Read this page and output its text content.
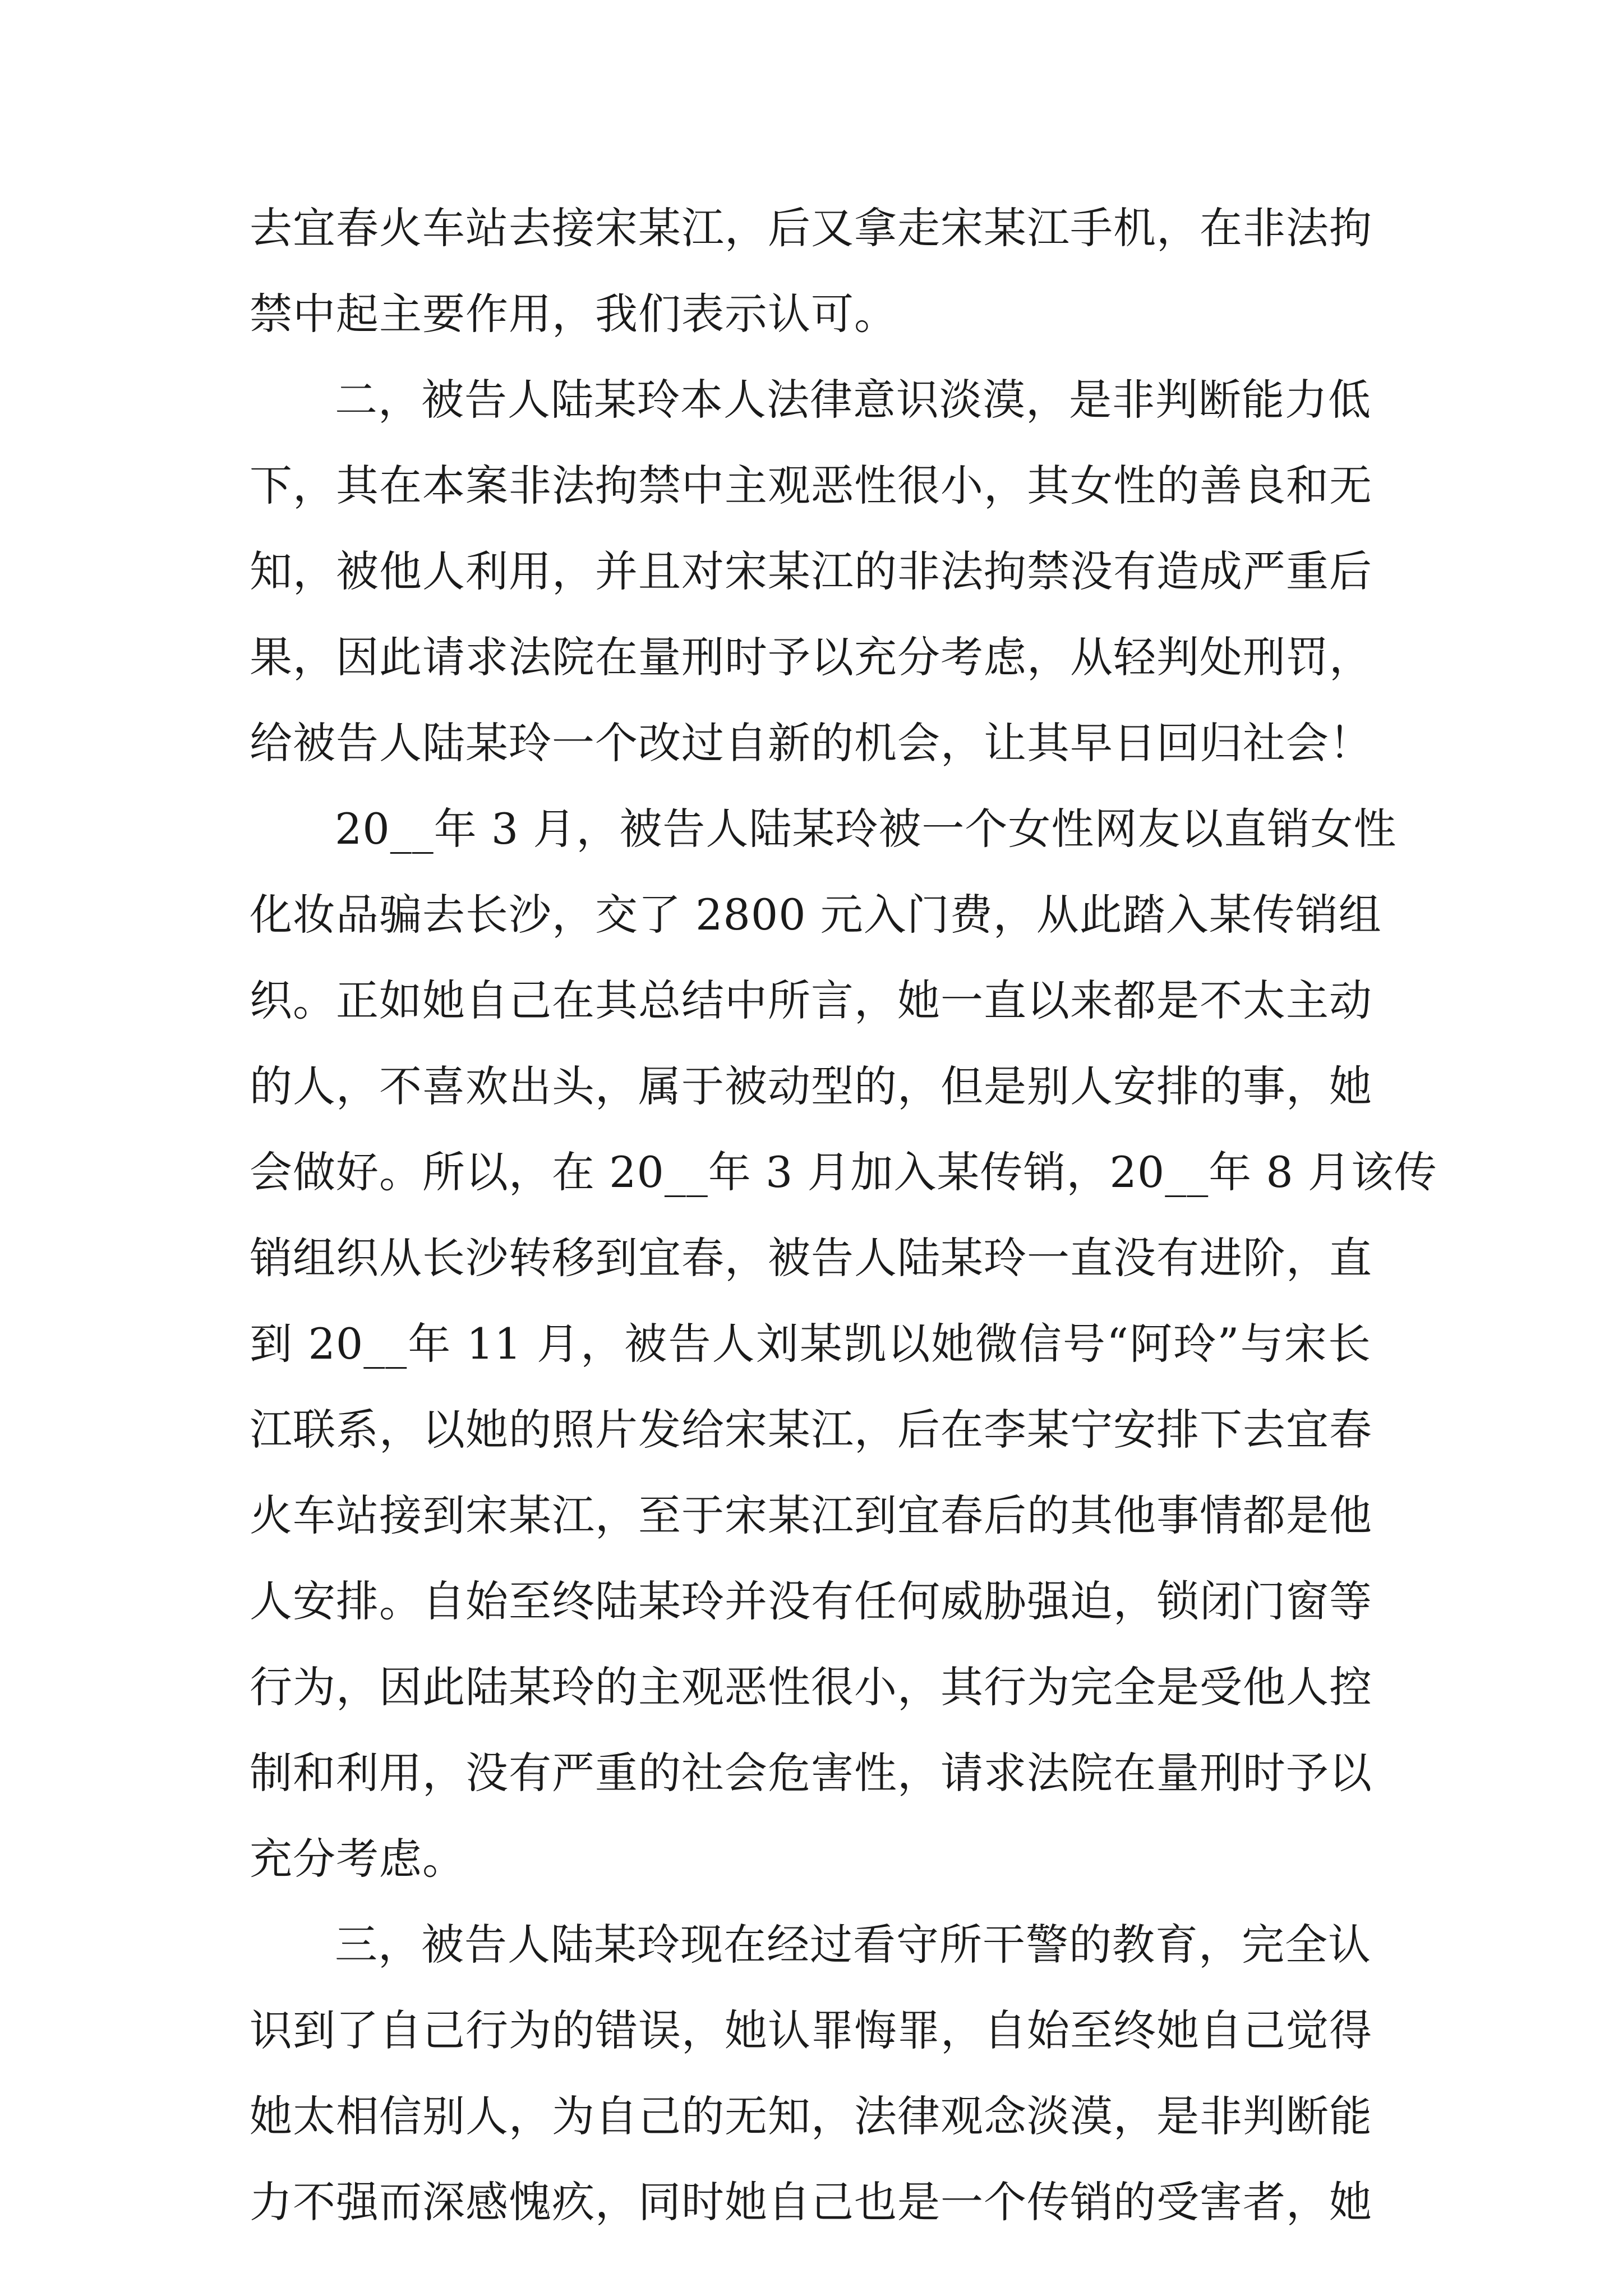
去宜春火车站去接宋某江，后又拿走宋某江手机，在非法拘
禁中起主要作用，我们表示认可。
二，被告人陆某玲本人法律意识淡漠，是非判断能力低
下，其在本案非法拘禁中主观恶性很小，其女性的善良和无
知，被他人利用，并且对宋某江的非法拘禁没有造成严重后
果，因此请求法院在量刑时予以充分考虑，从轻判处刑罚，
给被告人陆某玲一个改过自新的机会，让其早日回归社会！
20__年 3 月，被告人陆某玲被一个女性网友以直销女性
化妆品骗去长沙，交了 2800 元入门费，从此踏入某传销组
织。正如她自己在其总结中所言，她一直以来都是不太主动
的人，不喜欢出头，属于被动型的，但是别人安排的事，她
会做好。所以，在 20__年 3 月加入某传销，20__年 8 月该传
销组织从长沙转移到宜春，被告人陆某玲一直没有进阶，直
到 20__年 11 月，被告人刘某凯以她微信号“阿玲”与宋长
江联系，以她的照片发给宋某江，后在李某宁安排下去宜春
火车站接到宋某江，至于宋某江到宜春后的其他事情都是他
人安排。自始至终陆某玲并没有任何威胁强迫，锁闭门窗等
行为，因此陆某玲的主观恶性很小，其行为完全是受他人控
制和利用，没有严重的社会危害性，请求法院在量刑时予以
充分考虑。
三，被告人陆某玲现在经过看守所干警的教育，完全认
识到了自己行为的错误，她认罪悔罪，自始至终她自己觉得
她太相信别人，为自己的无知，法律观念淡漠，是非判断能
力不强而深感愧疚，同时她自己也是一个传销的受害者，她
